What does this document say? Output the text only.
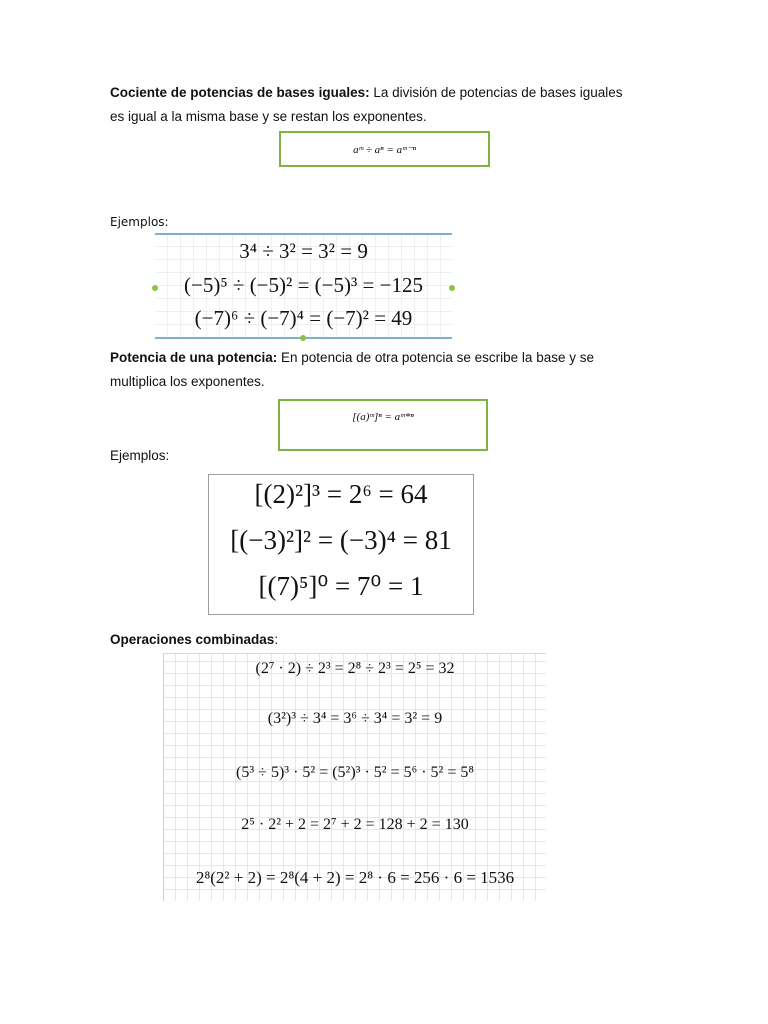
Cociente de potencias de bases iguales: La división de potencias de bases iguales
es igual a la misma base y se restan los exponentes.
aᵐ ÷ aⁿ = aᵐ⁻ⁿ
Ejemplos:
3⁴ ÷ 3² = 3² = 9
(−5)⁵ ÷ (−5)² = (−5)³ = −125
(−7)⁶ ÷ (−7)⁴ = (−7)² = 49
Potencia de una potencia: En potencia de otra potencia se escribe la base y se
multiplica los exponentes.
[(a)ᵐ]ⁿ = aᵐ*ⁿ
Ejemplos:
[(2)²]³ = 2⁶ = 64
[(−3)²]² = (−3)⁴ = 81
[(7)⁵]⁰ = 7⁰ = 1
Operaciones combinadas:
(2⁷ · 2) ÷ 2³ = 2⁸ ÷ 2³ = 2⁵ = 32
(3²)³ ÷ 3⁴ = 3⁶ ÷ 3⁴ = 3² = 9
(5³ ÷ 5)³ · 5² = (5²)³ · 5² = 5⁶ · 5² = 5⁸
2⁵ · 2² + 2 = 2⁷ + 2 = 128 + 2 = 130
2⁸(2² + 2) = 2⁸(4 + 2) = 2⁸ · 6 = 256 · 6 = 1536
